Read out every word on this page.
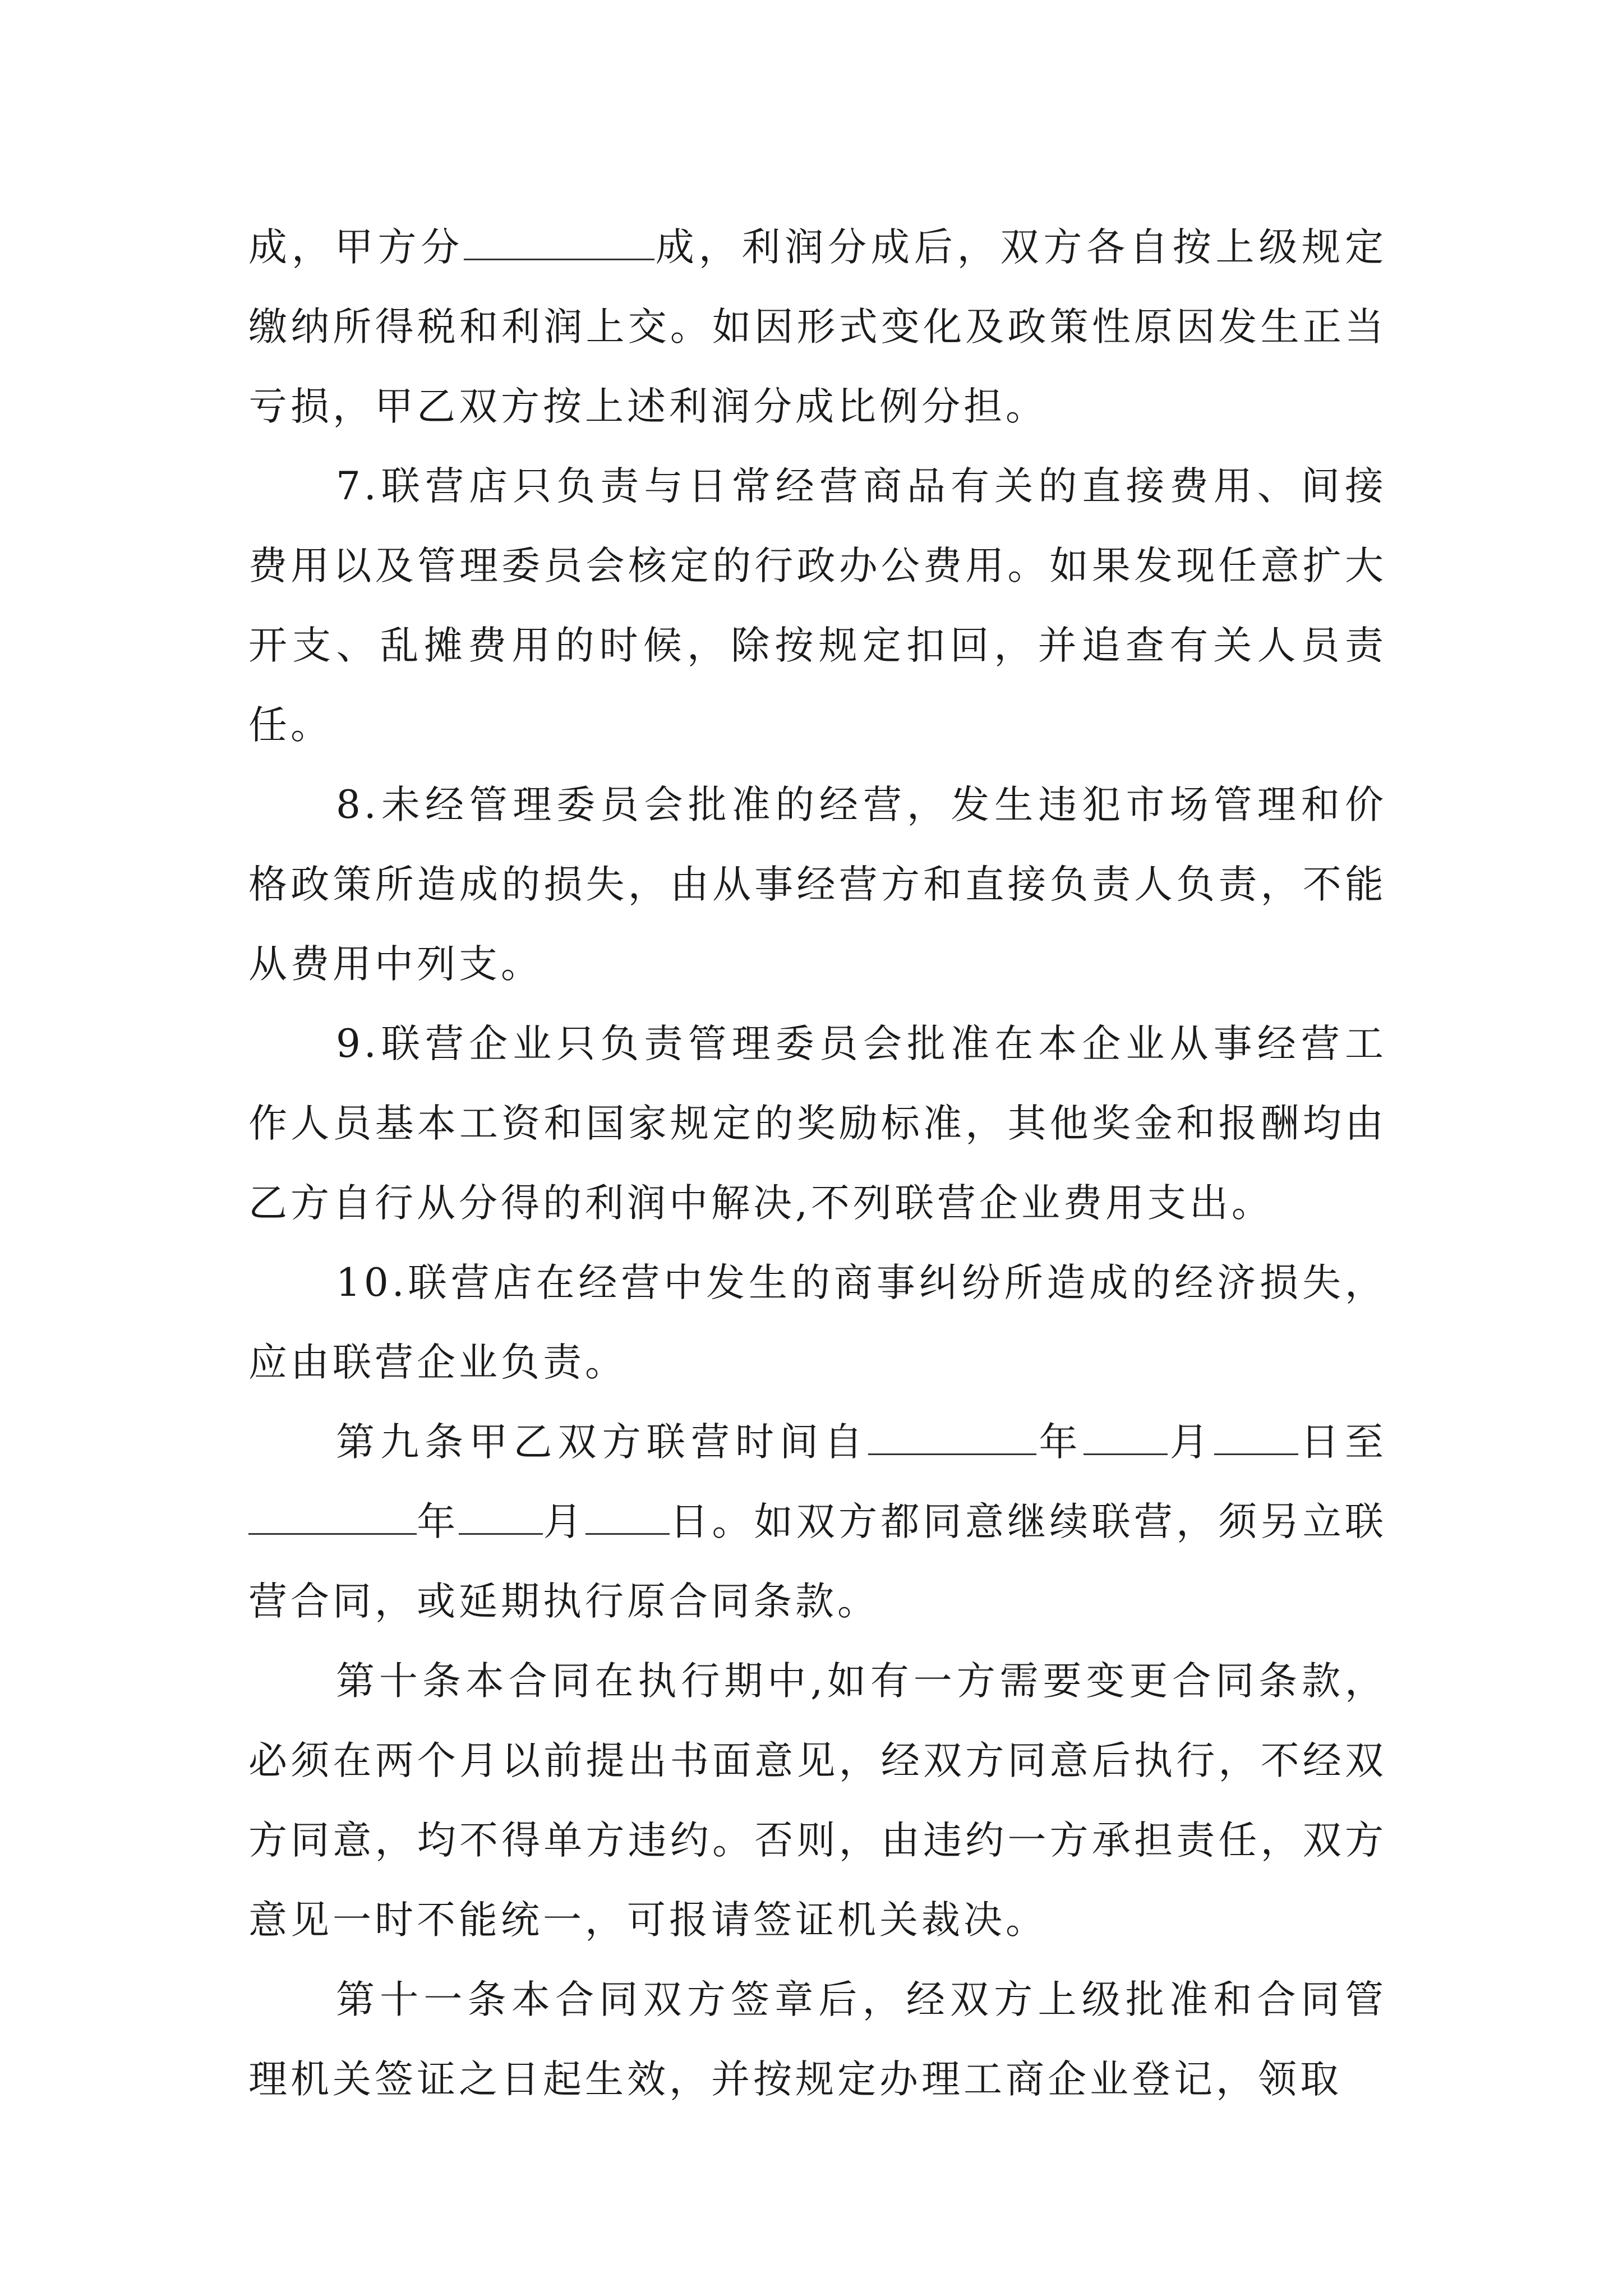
成，甲方分	成，利润分成后，双方各自按上级规定缴纳所得税和利润上交。如因形式变化及政策性原因发生正当亏损，甲乙双方按上述利润分成比例分担。

7.联营店只负责与日常经营商品有关的直接费用、间接费用以及管理委员会核定的行政办公费用。如果发现任意扩大开支、乱摊费用的时候，除按规定扣回，并追查有关人员责任。

8.未经管理委员会批准的经营，发生违犯市场管理和价格政策所造成的损失，由从事经营方和直接负责人负责，不能从费用中列支。

9.联营企业只负责管理委员会批准在本企业从事经营工作人员基本工资和国家规定的奖励标准，其他奖金和报酬均由乙方自行从分得的利润中解决,不列联营企业费用支出。

10.联营店在经营中发生的商事纠纷所造成的经济损失，应由联营企业负责。

第九条甲乙双方联营时间自	年 月 日至年 月 日。如双方都同意继续联营，须另立联营合同，或延期执行原合同条款。

第十条本合同在执行期中,如有一方需要变更合同条款，必须在两个月以前提出书面意见，经双方同意后执行，不经双方同意，均不得单方违约。否则，由违约一方承担责任，双方意见一时不能统一，可报请签证机关裁决。

第十一条本合同双方签章后，经双方上级批准和合同管理机关签证之日起生效，并按规定办理工商企业登记，领取
